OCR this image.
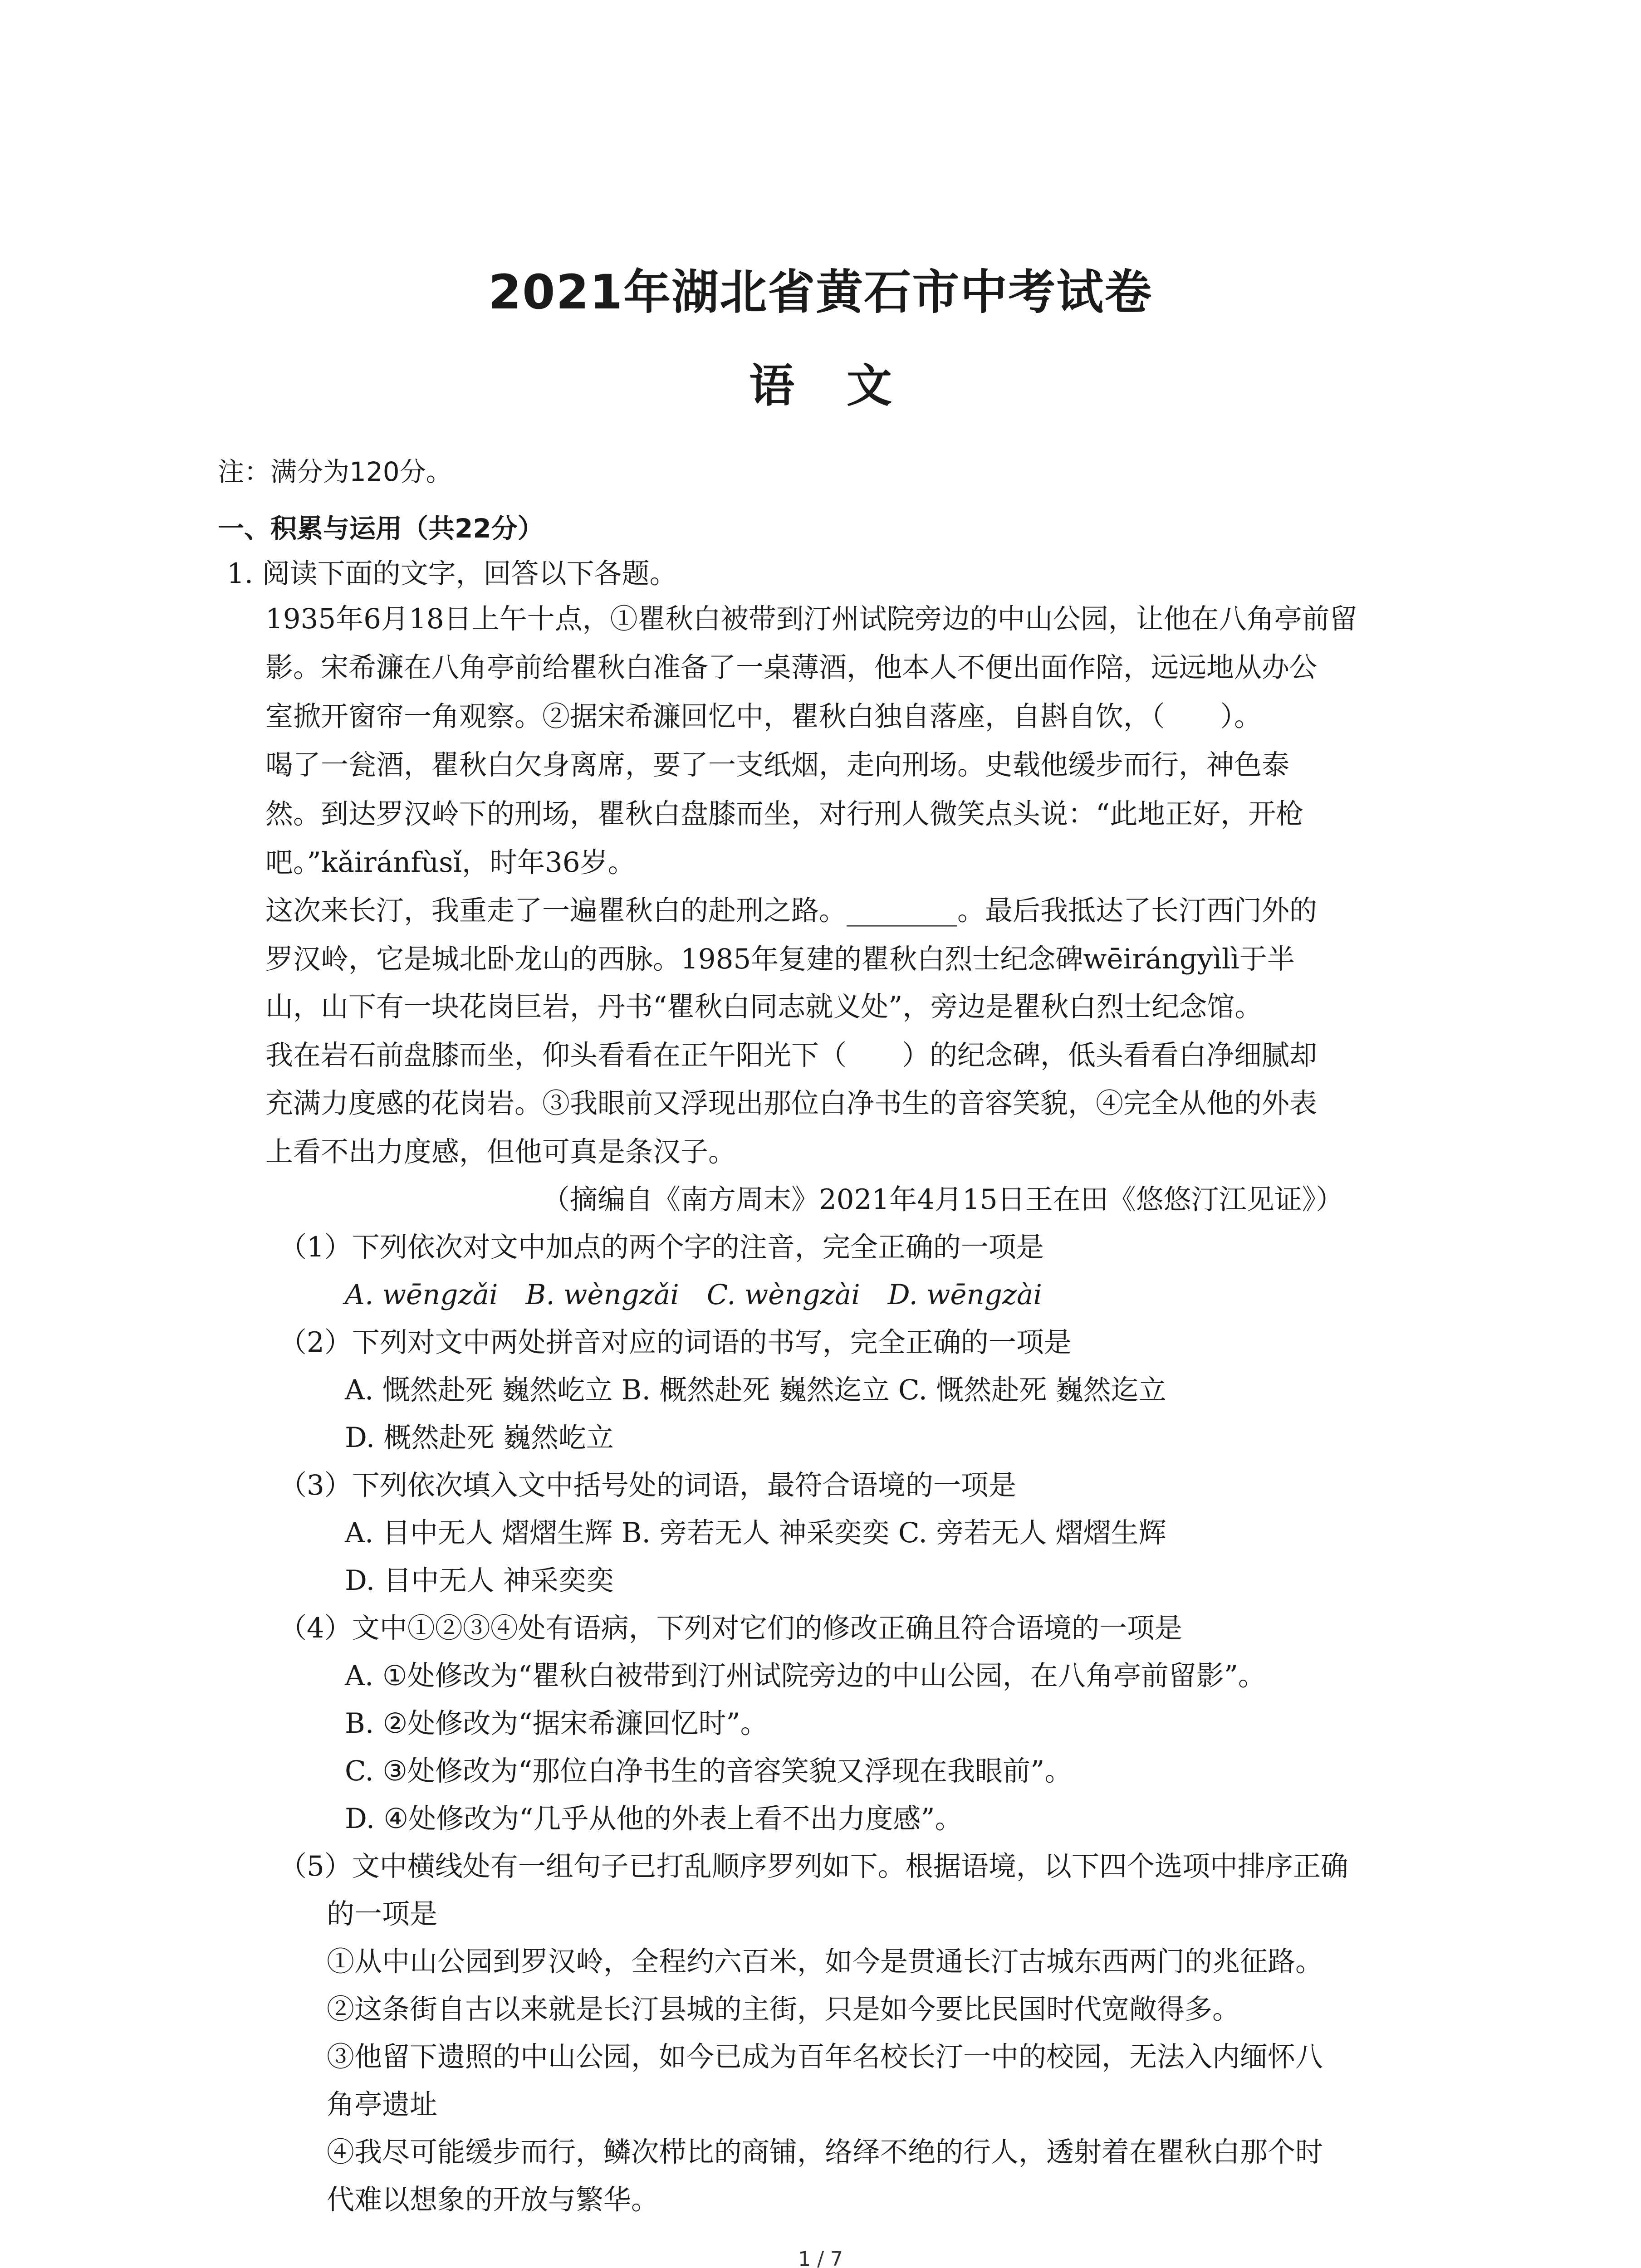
2021年湖北省黄石市中考试卷
语 文
注：满分为120分。
一、积累与运用（共22分）
1. 阅读下面的文字，回答以下各题。
1935年6月18日上午十点，①瞿秋白被带到汀州试院旁边的中山公园，让他在八角亭前留
影。宋希濂在八角亭前给瞿秋白准备了一桌薄酒，他本人不便出面作陪，远远地从办公
室掀开窗帘一角观察。②据宋希濂回忆中，瞿秋白独自落座，自斟自饮，（　　）。
喝了一瓮酒，瞿秋白欠身离席，要了一支纸烟，走向刑场。史载他缓步而行，神色泰
然。到达罗汉岭下的刑场，瞿秋白盘膝而坐，对行刑人微笑点头说：“此地正好，开枪
吧。”kǎiránfùsǐ，时年36岁。
这次来长汀，我重走了一遍瞿秋白的赴刑之路。________。最后我抵达了长汀西门外的
罗汉岭，它是城北卧龙山的西脉。1985年复建的瞿秋白烈士纪念碑wēiránɡyìlì于半
山，山下有一块花岗巨岩，丹书“瞿秋白同志就义处”，旁边是瞿秋白烈士纪念馆。
我在岩石前盘膝而坐，仰头看看在正午阳光下（　　）的纪念碑，低头看看白净细腻却
充满力度感的花岗岩。③我眼前又浮现出那位白净书生的音容笑貌，④完全从他的外表
上看不出力度感，但他可真是条汉子。
（摘编自《南方周末》2021年4月15日王在田《悠悠汀江见证》）
（1）下列依次对文中加点的两个字的注音，完全正确的一项是
A. wēngzǎi　B. wèngzǎi　C. wèngzài　D. wēngzài
（2）下列对文中两处拼音对应的词语的书写，完全正确的一项是
A. 慨然赴死 巍然屹立 B. 概然赴死 巍然迄立 C. 慨然赴死 巍然迄立
D. 概然赴死 巍然屹立
（3）下列依次填入文中括号处的词语，最符合语境的一项是
A. 目中无人 熠熠生辉 B. 旁若无人 神采奕奕 C. 旁若无人 熠熠生辉
D. 目中无人 神采奕奕
（4）文中①②③④处有语病，下列对它们的修改正确且符合语境的一项是
A. ①处修改为“瞿秋白被带到汀州试院旁边的中山公园，在八角亭前留影”。
B. ②处修改为“据宋希濂回忆时”。
C. ③处修改为“那位白净书生的音容笑貌又浮现在我眼前”。
D. ④处修改为“几乎从他的外表上看不出力度感”。
（5）文中横线处有一组句子已打乱顺序罗列如下。根据语境，以下四个选项中排序正确
的一项是
①从中山公园到罗汉岭，全程约六百米，如今是贯通长汀古城东西两门的兆征路。
②这条街自古以来就是长汀县城的主街，只是如今要比民国时代宽敞得多。
③他留下遗照的中山公园，如今已成为百年名校长汀一中的校园，无法入内缅怀八
角亭遗址
④我尽可能缓步而行，鳞次栉比的商铺，络绎不绝的行人，透射着在瞿秋白那个时
代难以想象的开放与繁华。
1 / 7
